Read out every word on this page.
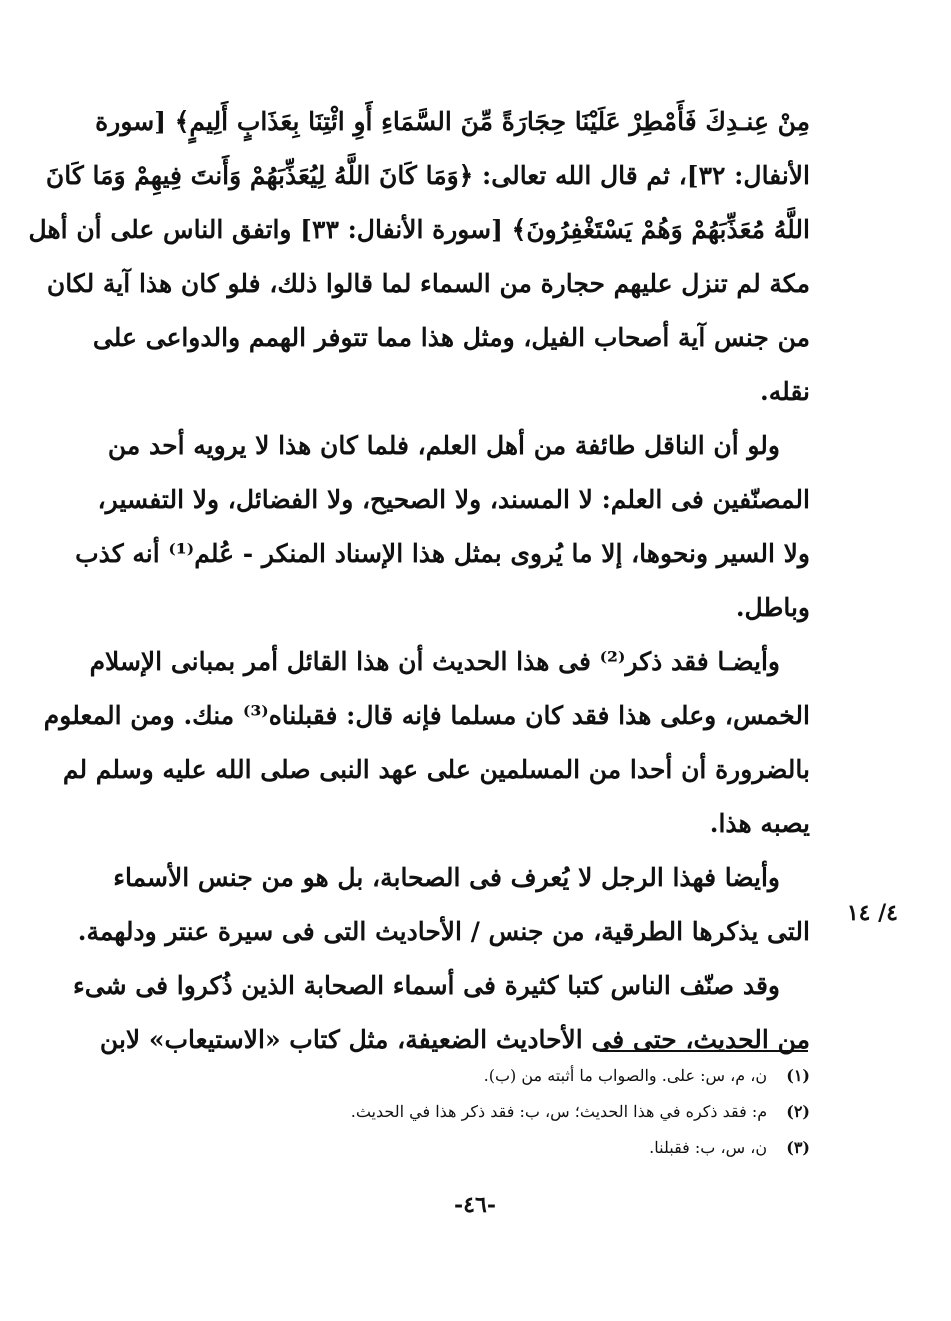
مِنْ عِنـدِكَ فَأَمْطِرْ عَلَيْنَا حِجَارَةً مِّنَ السَّمَاءِ أَوِ ائْتِنَا بِعَذَابٍ أَلِيمٍ﴾ [سورة
الأنفال: ٣٢]، ثم قال الله تعالى: ﴿وَمَا كَانَ اللَّهُ لِيُعَذِّبَهُمْ وَأَنتَ فِيهِمْ وَمَا كَانَ
اللَّهُ مُعَذِّبَهُمْ وَهُمْ يَسْتَغْفِرُونَ﴾ [سورة الأنفال: ٣٣] واتفق الناس على أن أهل
مكة لم تنزل عليهم حجارة من السماء لما قالوا ذلك، فلو كان هذا آية لكان
من جنس آية أصحاب الفيل، ومثل هذا مما تتوفر الهمم والدواعى على
نقله.
ولو أن الناقل طائفة من أهل العلم، فلما كان هذا لا يرويه أحد من
المصنّفين فى العلم: لا المسند، ولا الصحيح، ولا الفضائل، ولا التفسير،
ولا السير ونحوها، إلا ما يُروى بمثل هذا الإسناد المنكر - عُلم⁽¹⁾ أنه كذب
وباطل.
وأيضـا فقد ذكر⁽²⁾ فى هذا الحديث أن هذا القائل أمر بمبانى الإسلام
الخمس، وعلى هذا فقد كان مسلما فإنه قال: فقبلناه⁽³⁾ منك. ومن المعلوم
بالضرورة أن أحدا من المسلمين على عهد النبى صلى الله عليه وسلم لم
يصبه هذا.
وأيضا فهذا الرجل لا يُعرف فى الصحابة، بل هو من جنس الأسماء
التى يذكرها الطرقية، من جنس / الأحاديث التى فى سيرة عنتر ودلهمة.
وقد صنّف الناس كتبا كثيرة فى أسماء الصحابة الذين ذُكروا فى شىء
من الحديث، حتى فى الأحاديث الضعيفة، مثل كتاب «الاستيعاب» لابن
٤/ ١٤
(١) ن، م، س: على. والصواب ما أثبته من (ب).
(٢) م: فقد ذكره في هذا الحديث؛ س، ب: فقد ذكر هذا في الحديث.
(٣) ن، س، ب: فقبلنا.
-٤٦-
